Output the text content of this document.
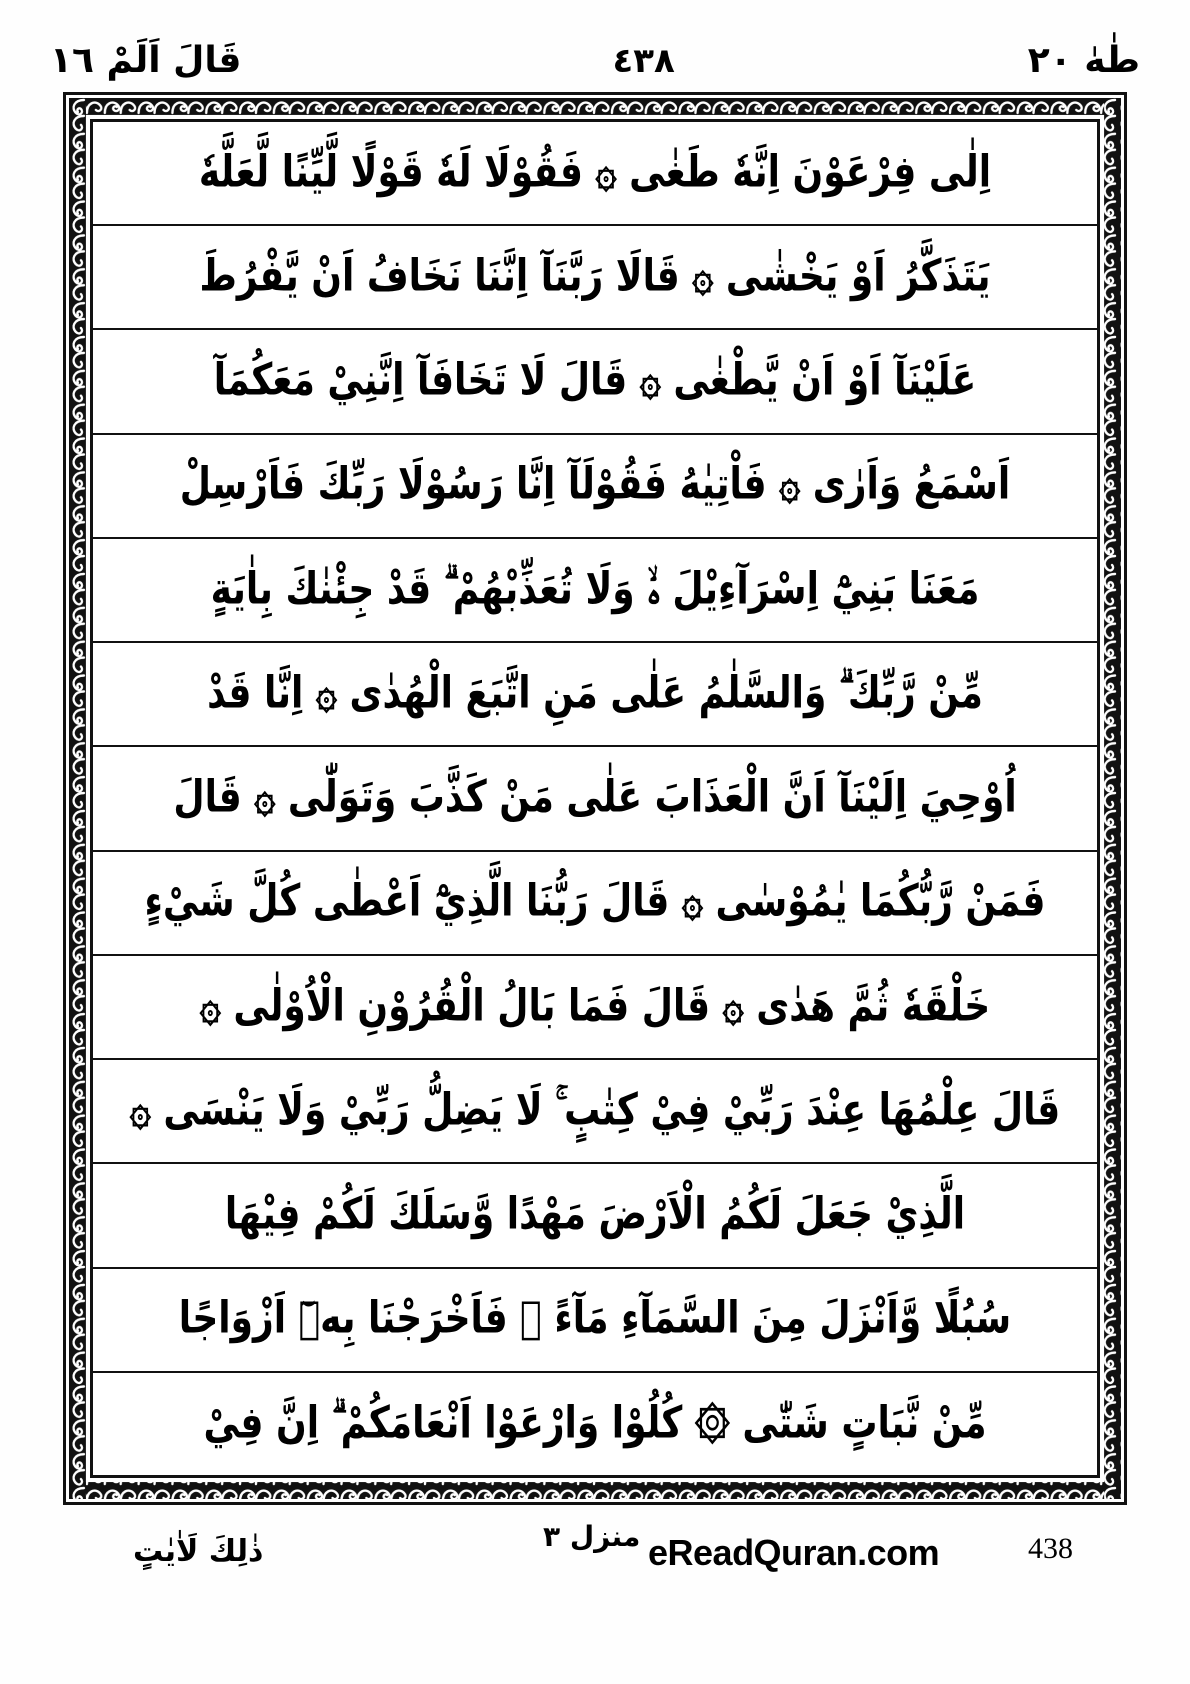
قَالَ اَلَمْ ١٦	٤٣٨	طٰهٰ ٢٠
اِلٰى فِرْعَوْنَ اِنَّهٗ طَغٰى ۞ فَقُوْلَا لَهٗ قَوْلًا لَّيِّنًا لَّعَلَّهٗ
يَتَذَكَّرُ اَوْ يَخْشٰى ۞ قَالَا رَبَّنَآ اِنَّنَا نَخَافُ اَنْ يَّفْرُطَ
عَلَيْنَآ اَوْ اَنْ يَّطْغٰى ۞ قَالَ لَا تَخَافَآ اِنَّنِيْ مَعَكُمَآ
اَسْمَعُ وَاَرٰى ۞ فَاْتِيٰهُ فَقُوْلَآ اِنَّا رَسُوْلَا رَبِّكَ فَاَرْسِلْ
مَعَنَا بَنِيْٓ اِسْرَآءِيْلَ ەۙ وَلَا تُعَذِّبْهُمْ ۗ قَدْ جِئْنٰكَ بِاٰيَةٍ
مِّنْ رَّبِّكَ ۗ وَالسَّلٰمُ عَلٰى مَنِ اتَّبَعَ الْهُدٰى ۞ اِنَّا قَدْ
اُوْحِيَ اِلَيْنَآ اَنَّ الْعَذَابَ عَلٰى مَنْ كَذَّبَ وَتَوَلّٰى ۞ قَالَ
فَمَنْ رَّبُّكُمَا يٰمُوْسٰى ۞ قَالَ رَبُّنَا الَّذِيْٓ اَعْطٰى كُلَّ شَيْءٍ
خَلْقَهٗ ثُمَّ هَدٰى ۞ قَالَ فَمَا بَالُ الْقُرُوْنِ الْاُوْلٰى ۞
قَالَ عِلْمُهَا عِنْدَ رَبِّيْ فِيْ كِتٰبٍ ۚ لَا يَضِلُّ رَبِّيْ وَلَا يَنْسَى ۞
الَّذِيْ جَعَلَ لَكُمُ الْاَرْضَ مَهْدًا وَّسَلَكَ لَكُمْ فِيْهَا
سُبُلًا وَّاَنْزَلَ مِنَ السَّمَآءِ مَآءً ۗ فَاَخْرَجْنَا بِهٖٓ اَزْوَاجًا
مِّنْ نَّبَاتٍ شَتّٰى ۞ كُلُوْا وَارْعَوْا اَنْعَامَكُمْ ۗ اِنَّ فِيْ
ذٰلِكَ لَاٰيٰتٍ	منزل ٣ eReadQuran.com	438
